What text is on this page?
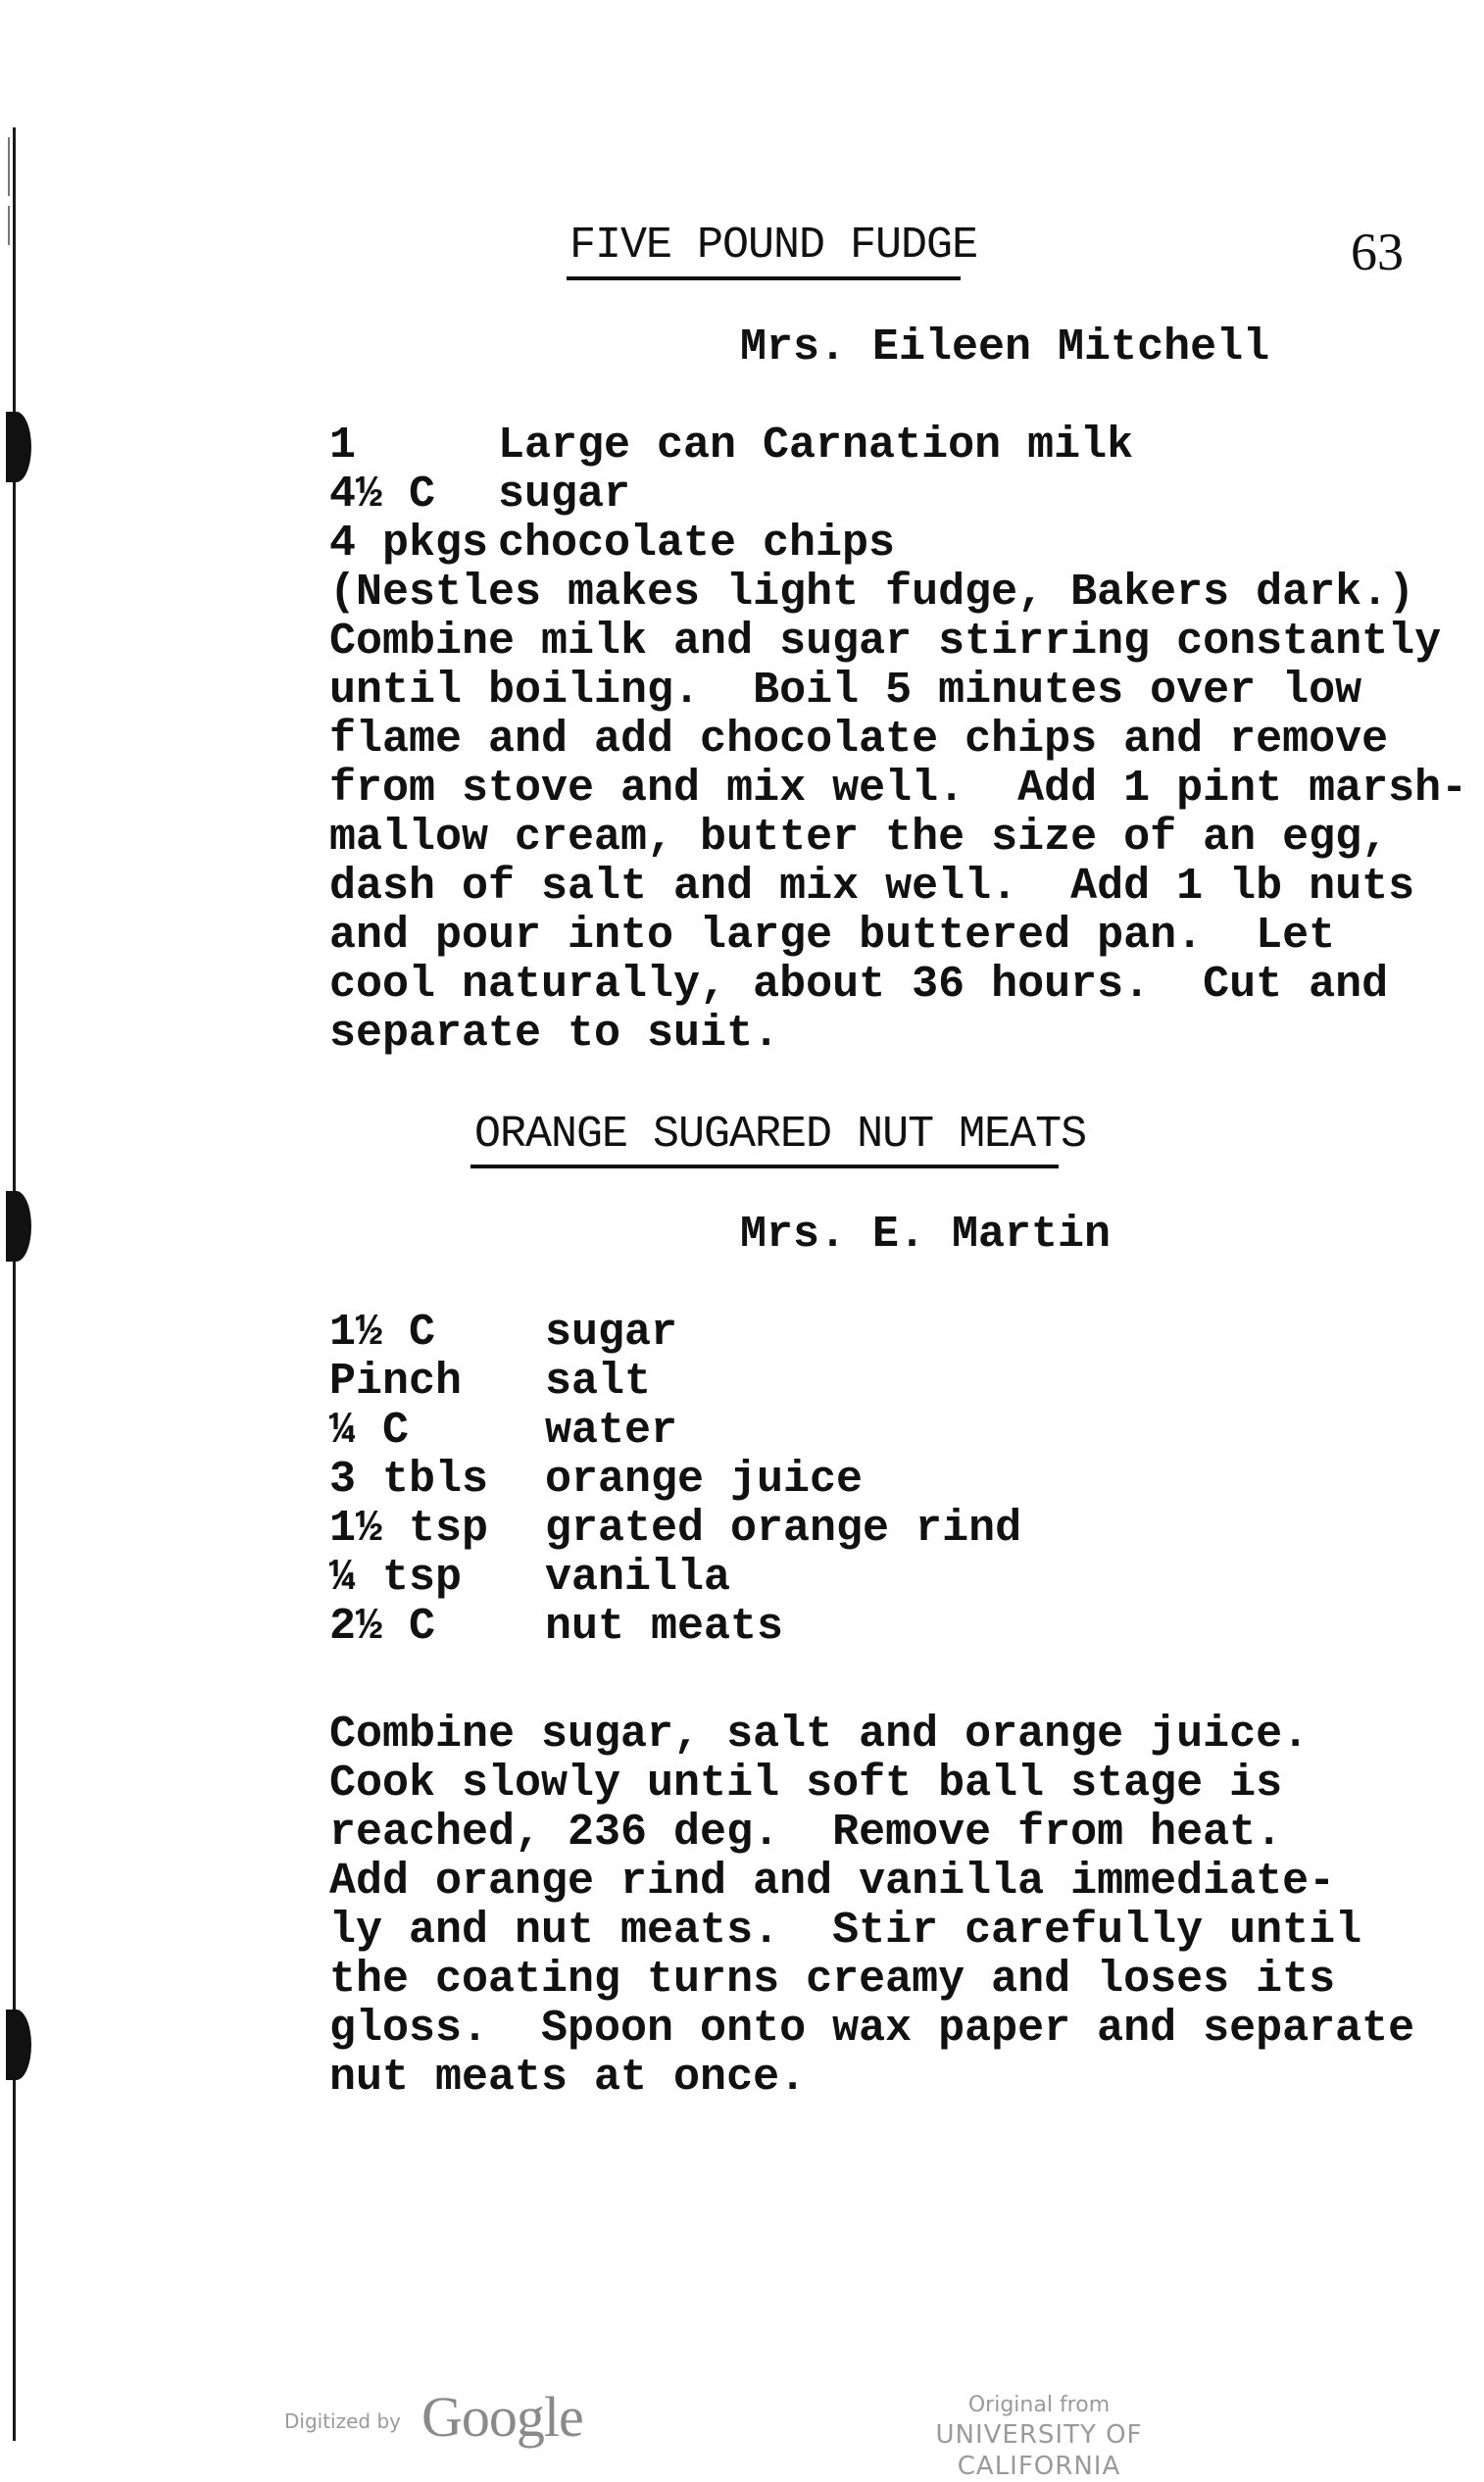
63
FIVE POUND FUDGE
Mrs. Eileen Mitchell
1	Large can Carnation milk
4½ C sugar
4 pkgs chocolate chips
(Nestles makes light fudge, Bakers dark.)
Combine milk and sugar stirring constantly
until boiling.  Boil 5 minutes over low
flame and add chocolate chips and remove
from stove and mix well.  Add 1 pint marsh-
mallow cream, butter the size of an egg,
dash of salt and mix well.  Add 1 lb nuts
and pour into large buttered pan.  Let
cool naturally, about 36 hours.  Cut and
separate to suit.
ORANGE SUGARED NUT MEATS
Mrs. E. Martin
1½ C sugar
Pinch salt
¼ C	water
3 tbls orange juice
1½ tsp grated orange rind
¼ tsp vanilla
2½ C nut meats
Combine sugar, salt and orange juice.
Cook slowly until soft ball stage is
reached, 236 deg.  Remove from heat.
Add orange rind and vanilla immediate-
ly and nut meats.  Stir carefully until
the coating turns creamy and loses its
gloss.  Spoon onto wax paper and separate
nut meats at once.
Digitized by Google	Original from
UNIVERSITY OF CALIFORNIA
